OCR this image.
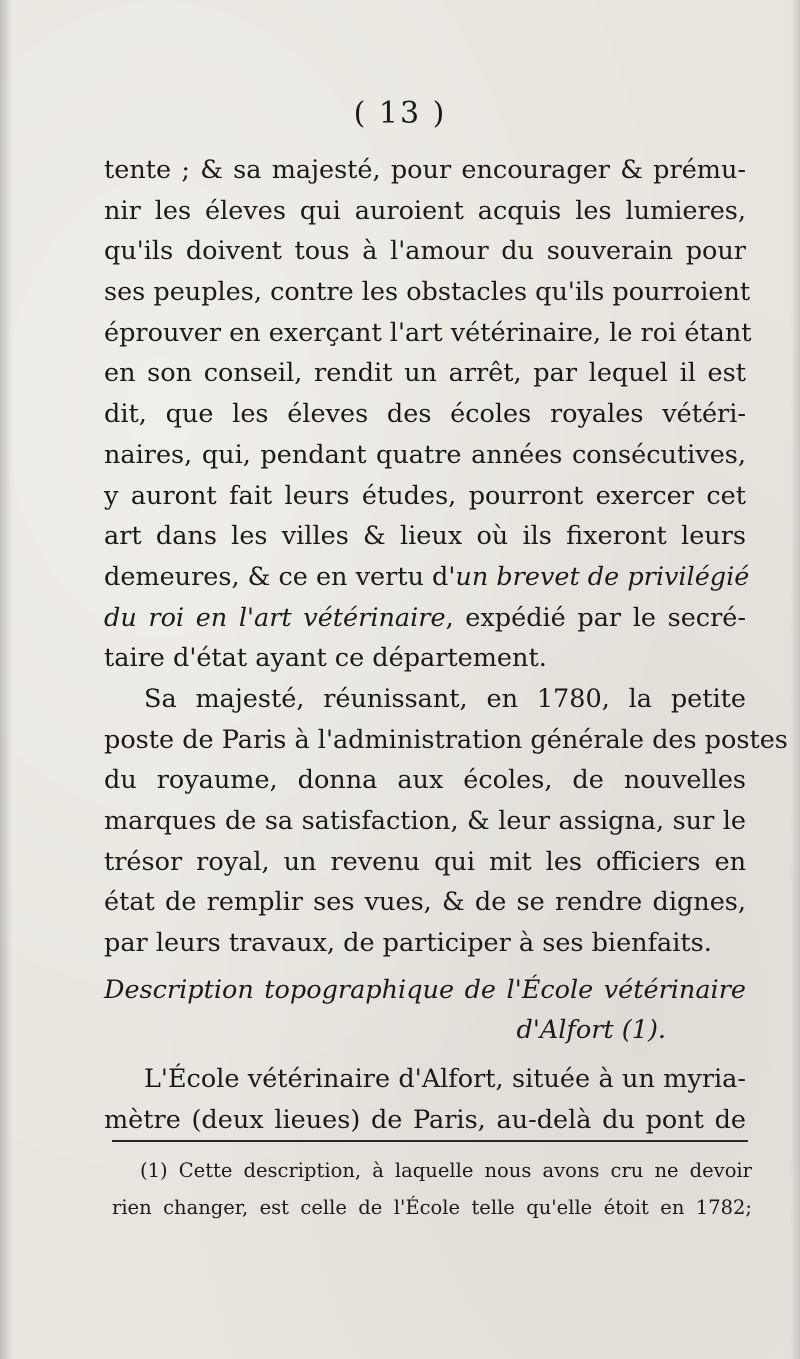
( 13 )
tente ; & sa majesté, pour encourager & prému-
nir les éleves qui auroient acquis les lumieres,
qu'ils doivent tous à l'amour du souverain pour
ses peuples, contre les obstacles qu'ils pourroient
éprouver en exerçant l'art vétérinaire, le roi étant
en son conseil, rendit un arrêt, par lequel il est
dit, que les éleves des écoles royales vétéri-
naires, qui, pendant quatre années consécutives,
y auront fait leurs études, pourront exercer cet
art dans les villes & lieux où ils fixeront leurs
demeures, & ce en vertu d'un brevet de privilégié
du roi en l'art vétérinaire, expédié par le secré-
taire d'état ayant ce département.
Sa majesté, réunissant, en 1780, la petite
poste de Paris à l'administration générale des postes
du royaume, donna aux écoles, de nouvelles
marques de sa satisfaction, & leur assigna, sur le
trésor royal, un revenu qui mit les officiers en
état de remplir ses vues, & de se rendre dignes,
par leurs travaux, de participer à ses bienfaits.
Description topographique de l'École vétérinaire
d'Alfort (1).
L'École vétérinaire d'Alfort, située à un myria-
mètre (deux lieues) de Paris, au-delà du pont de
(1) Cette description, à laquelle nous avons cru ne devoir
rien changer, est celle de l'École telle qu'elle étoit en 1782;
